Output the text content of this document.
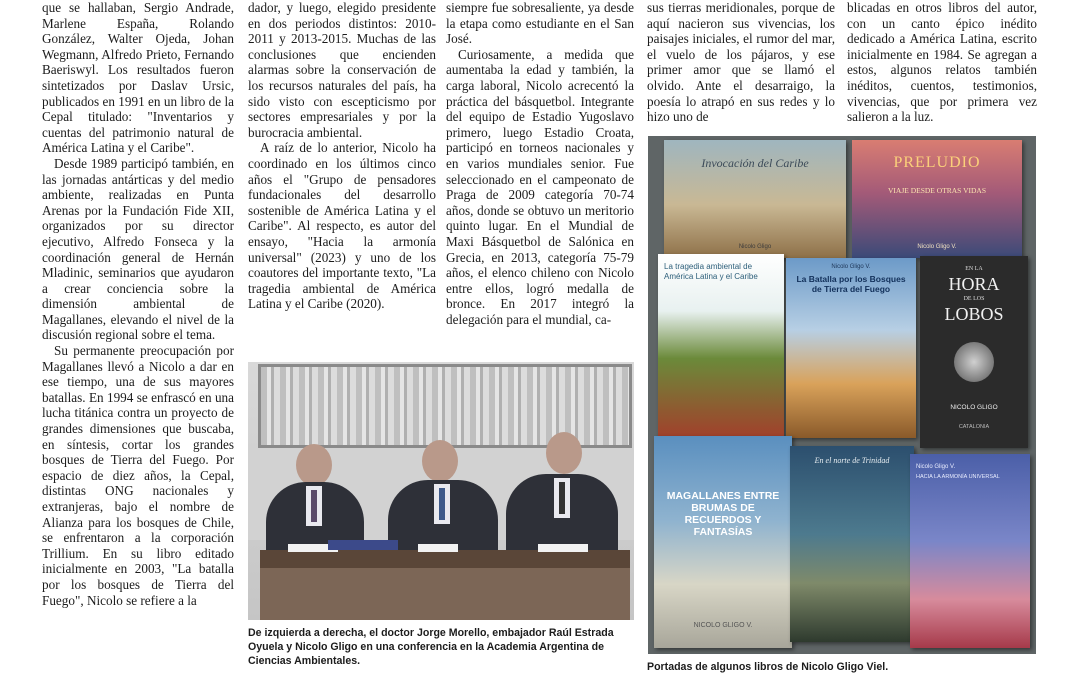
que se hallaban, Sergio Andrade, Marlene España, Rolando González, Walter Ojeda, Johan Wegmann, Alfredo Prieto, Fernando Baeriswyl. Los resultados fueron sintetizados por Daslav Ursic, publicados en 1991 en un libro de la Cepal titulado: "Inventarios y cuentas del patrimonio natural de América Latina y el Caribe".

Desde 1989 participó también, en las jornadas antárticas y del medio ambiente, realizadas en Punta Arenas por la Fundación Fide XII, organizados por su director ejecutivo, Alfredo Fonseca y la coordinación general de Hernán Mladinic, seminarios que ayudaron a crear conciencia sobre la dimensión ambiental de Magallanes, elevando el nivel de la discusión regional sobre el tema.

Su permanente preocupación por Magallanes llevó a Nicolo a dar en ese tiempo, una de sus mayores batallas. En 1994 se enfrascó en una lucha titánica contra un proyecto de grandes dimensiones que buscaba, en síntesis, cortar los grandes bosques de Tierra del Fuego. Por espacio de diez años, la Cepal, distintas ONG nacionales y extranjeras, bajo el nombre de Alianza para los bosques de Chile, se enfrentaron a la corporación Trillium. En su libro editado inicialmente en 2003, "La batalla por los bosques de Tierra del Fuego", Nicolo se refiere a la

dador, y luego, elegido presidente en dos periodos distintos: 2010-2011 y 2013-2015. Muchas de las conclusiones que encienden alarmas sobre la conservación de los recursos naturales del país, ha sido visto con escepticismo por sectores empresariales y por la burocracia ambiental.

A raíz de lo anterior, Nicolo ha coordinado en los últimos cinco años el "Grupo de pensadores fundacionales del desarrollo sostenible de América Latina y el Caribe". Al respecto, es autor del ensayo, "Hacia la armonía universal" (2023) y uno de los coautores del importante texto, "La tragedia ambiental de América Latina y el Caribe (2020).

siempre fue sobresaliente, ya desde la etapa como estudiante en el San José.

Curiosamente, a medida que aumentaba la edad y también, la carga laboral, Nicolo acrecentó la práctica del básquetbol. Integrante del equipo de Estadio Yugoslavo primero, luego Estadio Croata, participó en torneos nacionales y en varios mundiales senior. Fue seleccionado en el campeonato de Praga de 2009 categoría 70-74 años, donde se obtuvo un meritorio quinto lugar. En el Mundial de Maxi Básquetbol de Salónica en Grecia, en 2013, categoría 75-79 años, el elenco chileno con Nicolo entre ellos, logró medalla de bronce. En 2017 integró la delegación para el mundial, ca-

sus tierras meridionales, porque de aquí nacieron sus vivencias, los paisajes iniciales, el rumor del mar, el vuelo de los pájaros, y ese primer amor que se llamó el olvido. Ante el desarraigo, la poesía lo atrapó en sus redes y lo hizo uno de

blicadas en otros libros del autor, con un canto épico inédito dedicado a América Latina, escrito inicialmente en 1984. Se agregan a estos, algunos relatos también inéditos, cuentos, testimonios, vivencias, que por primera vez salieron a la luz.

De izquierda a derecha, el doctor Jorge Morello, embajador Raúl Estrada Oyuela y Nicolo Gligo en una conferencia en la Academia Argentina de Ciencias Ambientales.
Invocación del Caribe
Nicolo Gligo
PRELUDIO
VIAJE DESDE OTRAS VIDAS
Nicolo Gligo V.
La tragedia ambiental de América Latina y el Caribe
Nicolo Gligo V.
La Batalla por los Bosques de Tierra del Fuego
EN LA
HORA
DE LOS
LOBOS
NICOLO GLIGO
CATALONIA
MAGALLANES ENTRE BRUMAS DE RECUERDOS Y FANTASÍAS
NICOLO GLIGO V.
En el norte de Trinidad
Nicolo Gligo V.
HACIA LA ARMONÍA UNIVERSAL
Portadas de algunos libros de Nicolo Gligo Viel.
